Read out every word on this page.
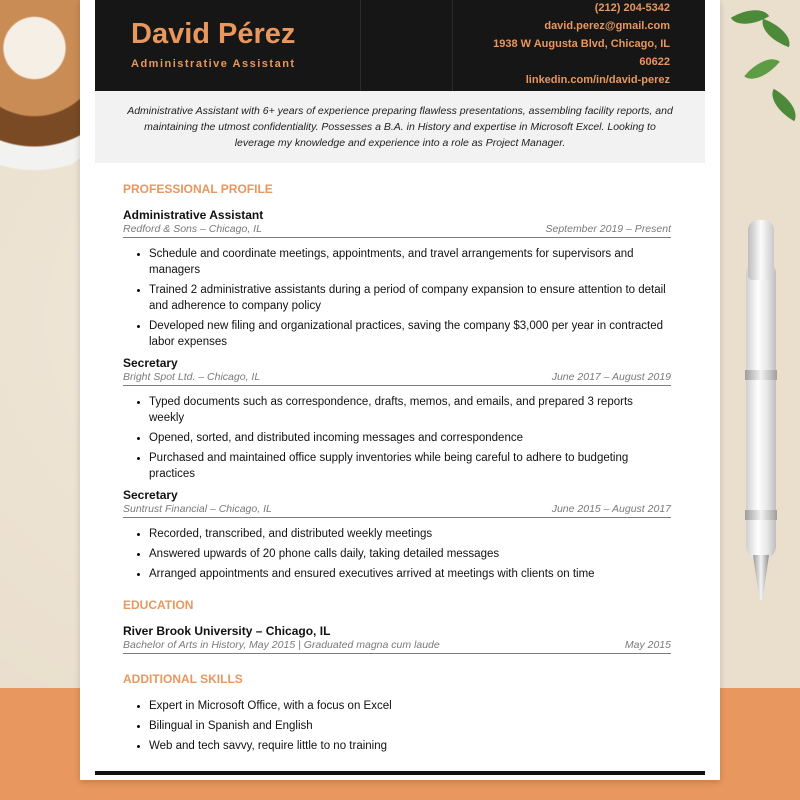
David Pérez
Administrative Assistant
(212) 204-5342
david.perez@gmail.com
1938 W Augusta Blvd, Chicago, IL
60622
linkedin.com/in/david-perez

Administrative Assistant with 6+ years of experience preparing flawless presentations, assembling facility reports, and maintaining the utmost confidentiality. Possesses a B.A. in History and expertise in Microsoft Excel. Looking to leverage my knowledge and experience into a role as Project Manager.

PROFESSIONAL PROFILE
Administrative Assistant
Redford & Sons – Chicago, IL	September 2019 – Present
• Schedule and coordinate meetings, appointments, and travel arrangements for supervisors and managers
• Trained 2 administrative assistants during a period of company expansion to ensure attention to detail and adherence to company policy
• Developed new filing and organizational practices, saving the company $3,000 per year in contracted labor expenses
Secretary
Bright Spot Ltd. – Chicago, IL	June 2017 – August 2019
• Typed documents such as correspondence, drafts, memos, and emails, and prepared 3 reports weekly
• Opened, sorted, and distributed incoming messages and correspondence
• Purchased and maintained office supply inventories while being careful to adhere to budgeting practices
Secretary
Suntrust Financial – Chicago, IL	June 2015 – August 2017
• Recorded, transcribed, and distributed weekly meetings
• Answered upwards of 20 phone calls daily, taking detailed messages
• Arranged appointments and ensured executives arrived at meetings with clients on time
EDUCATION
River Brook University – Chicago, IL
Bachelor of Arts in History, May 2015 | Graduated magna cum laude	May 2015
ADDITIONAL SKILLS
• Expert in Microsoft Office, with a focus on Excel
• Bilingual in Spanish and English
• Web and tech savvy, require little to no training
